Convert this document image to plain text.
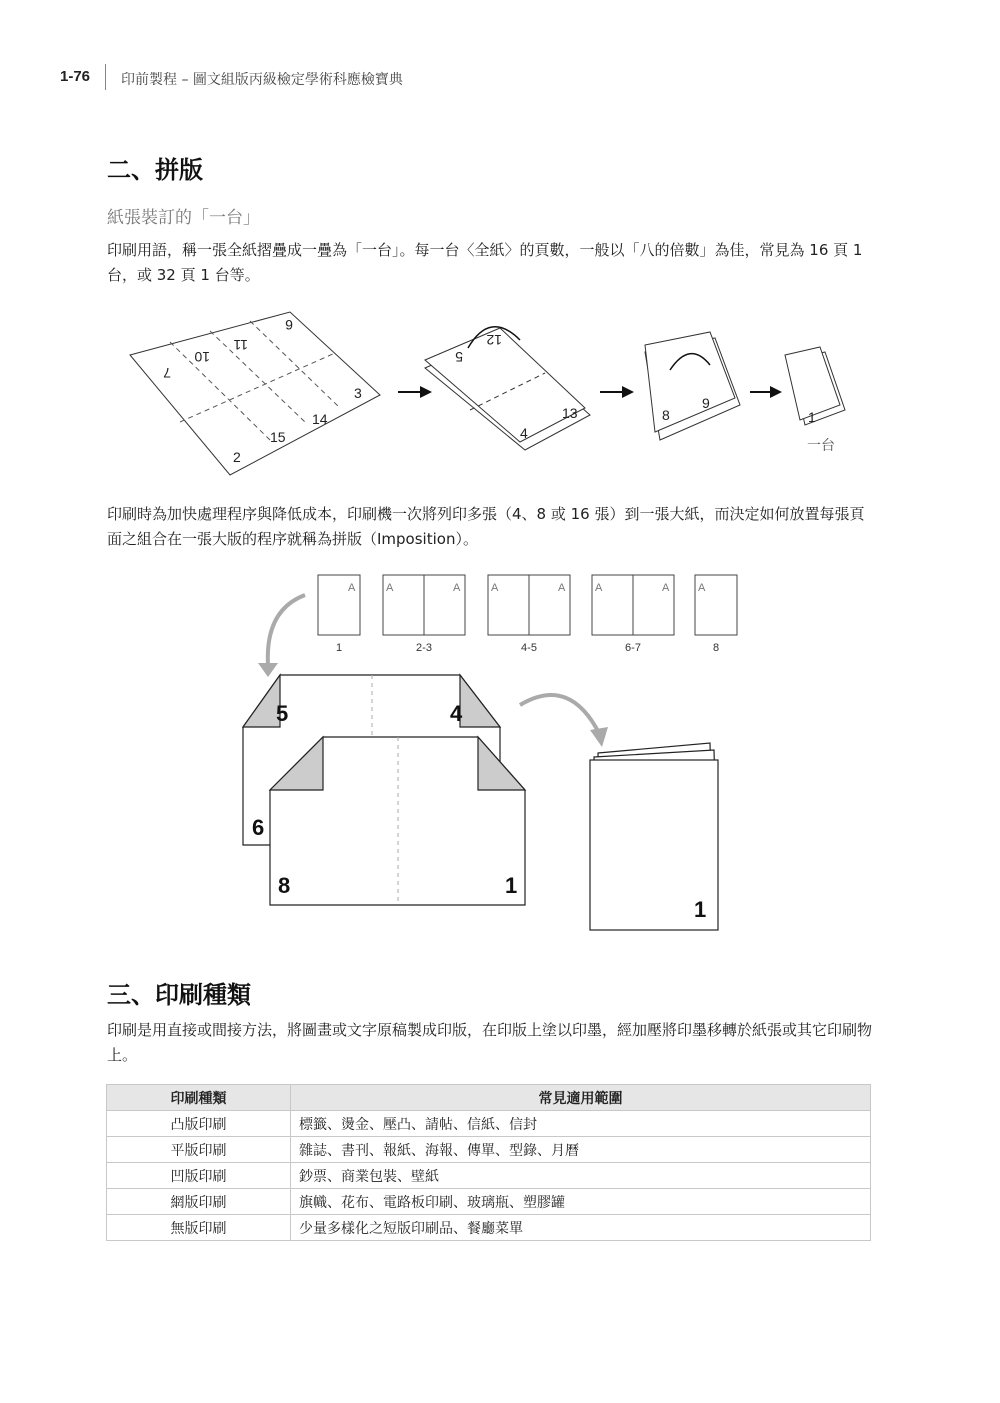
1-76 印前製程 – 圖文組版丙級檢定學術科應檢寶典
二、拼版
紙張裝訂的「一台」
印刷用語，稱一張全紙摺疊成一疊為「一台」。每一台〈全紙〉的頁數，一般以「八的倍數」為佳，常見為 16 頁 1 台，或 32 頁 1 台等。
7
10
11
6
2
15
14
3
5
12
4
13	8
9
1
一台
印刷時為加快處理程序與降低成本，印刷機一次將列印多張（4、8 或 16 張）到一張大紙，而決定如何放置每張頁面之組合在一張大版的程序就稱為拼版（Imposition）。
A	A	A	A	A	A	A	A
1	2-3	4-5	6-7	8
5	4
6
8	1
1
三、印刷種類
印刷是用直接或間接方法，將圖畫或文字原稿製成印版，在印版上塗以印墨，經加壓將印墨移轉於紙張或其它印刷物上。
印刷種類	常見適用範圍
凸版印刷	標籤、燙金、壓凸、請帖、信紙、信封
平版印刷	雜誌、書刊、報紙、海報、傳單、型錄、月曆
凹版印刷	鈔票、商業包裝、壁紙
網版印刷	旗幟、花布、電路板印刷、玻璃瓶、塑膠罐
無版印刷	少量多樣化之短版印刷品、餐廳菜單
